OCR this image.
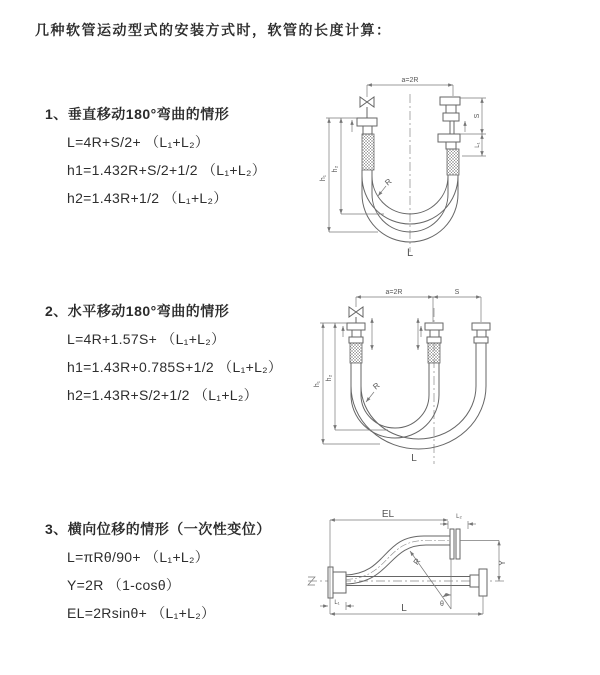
几种软管运动型式的安装方式时，软管的长度计算：
1、垂直移动180°弯曲的情形
L=4R+S/2+ （L₁+L₂）
h1=1.432R+S/2+1/2 （L₁+L₂）
h2=1.43R+1/2 （L₁+L₂）
2、水平移动180°弯曲的情形
L=4R+1.57S+ （L₁+L₂）
h1=1.43R+0.785S+1/2 （L₁+L₂）
h2=1.43R+S/2+1/2 （L₁+L₂）
3、横向位移的情形（一次性变位）
L=πRθ/90+ （L₁+L₂）
Y=2R （1-cosθ）
EL=2Rsinθ+ （L₁+L₂）
a=2R
h₁
h₂
S
L₁
R
L
a=2R	S
h₁
h₂
R
L
EL	L₂
Y
R
θ
L
L₁
